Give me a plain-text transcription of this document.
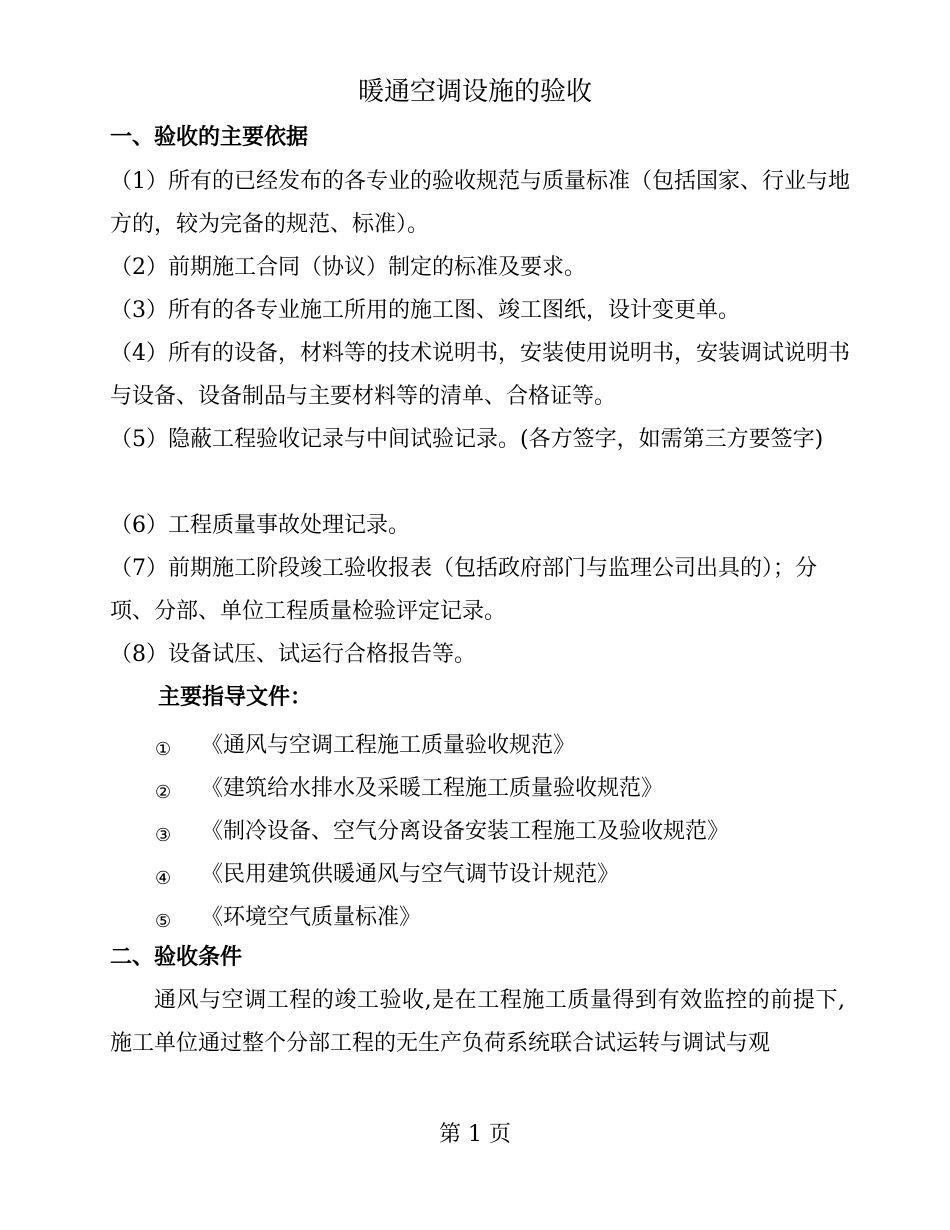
暖通空调设施的验收
一、验收的主要依据
（1）所有的已经发布的各专业的验收规范与质量标准（包括国家、行业与地方的，较为完备的规范、标准）。
（2）前期施工合同（协议）制定的标准及要求。
（3）所有的各专业施工所用的施工图、竣工图纸，设计变更单。
（4）所有的设备，材料等的技术说明书，安装使用说明书，安装调试说明书与设备、设备制品与主要材料等的清单、合格证等。
（5）隐蔽工程验收记录与中间试验记录。(各方签字，如需第三方要签字)
（6）工程质量事故处理记录。
（7）前期施工阶段竣工验收报表（包括政府部门与监理公司出具的）；分项、分部、单位工程质量检验评定记录。
（8）设备试压、试运行合格报告等。
主要指导文件：
① 《通风与空调工程施工质量验收规范》
② 《建筑给水排水及采暖工程施工质量验收规范》
③ 《制冷设备、空气分离设备安装工程施工及验收规范》
④ 《民用建筑供暖通风与空气调节设计规范》
⑤ 《环境空气质量标准》
二、验收条件
通风与空调工程的竣工验收,是在工程施工质量得到有效监控的前提下,施工单位通过整个分部工程的无生产负荷系统联合试运转与调试与观
第 1 页
